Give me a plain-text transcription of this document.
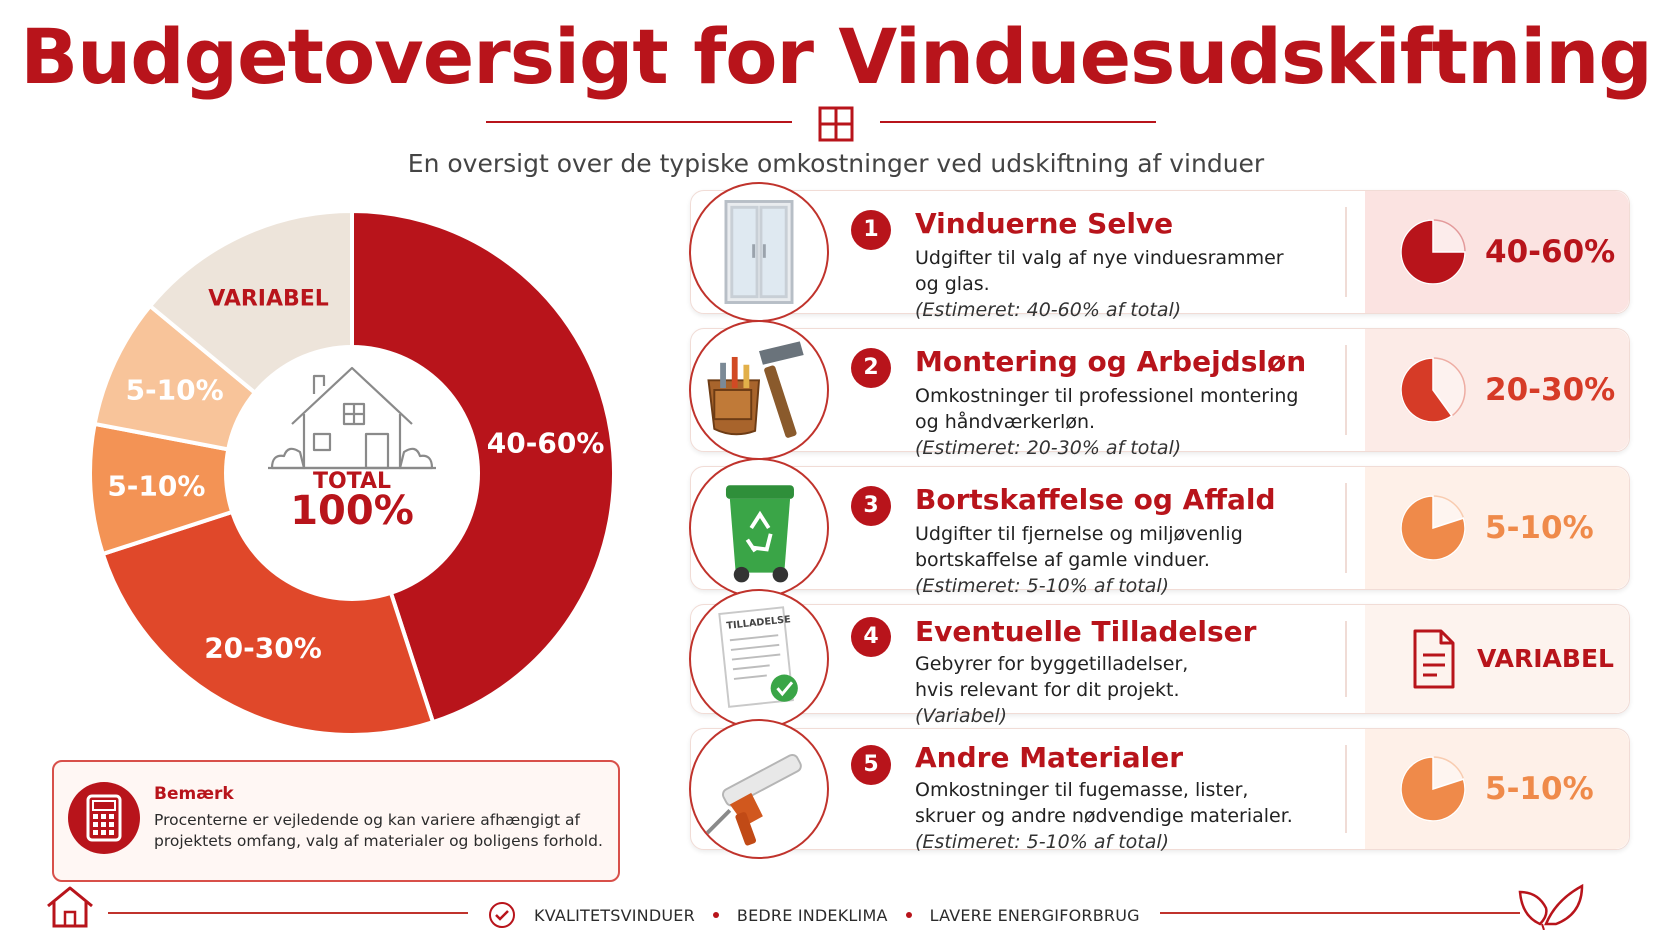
Budgetoversigt for Vinduesudskiftning
En oversigt over de typiske omkostninger ved udskiftning af vinduer
40-60%
20-30%
5-10%
5-10%
VARIABEL
TOTAL
100%
Bemærk
Procenterne er vejledende og kan variere afhængigt af projektets omfang, valg af materialer og boligens forhold.
1	Vinduerne Selve
Udgifter til valg af nye vinduesrammer
og glas.
(Estimeret: 40-60% af total)
40-60%
2	Montering og Arbejdsløn
Omkostninger til professionel montering
og håndværkerløn.
(Estimeret: 20-30% af total)
20-30%
3	Bortskaffelse og Affald
Udgifter til fjernelse og miljøvenlig
bortskaffelse af gamle vinduer.
(Estimeret: 5-10% af total)
5-10%
TILLADELSE
4	Eventuelle Tilladelser
Gebyrer for byggetilladelser,
hvis relevant for dit projekt.
(Variabel)
VARIABEL
5	Andre Materialer
Omkostninger til fugemasse, lister,
skruer og andre nødvendige materialer.
(Estimeret: 5-10% af total)
5-10%
KVALITETSVINDUER	BEDRE INDEKLIMA	LAVERE ENERGIFORBRUG
